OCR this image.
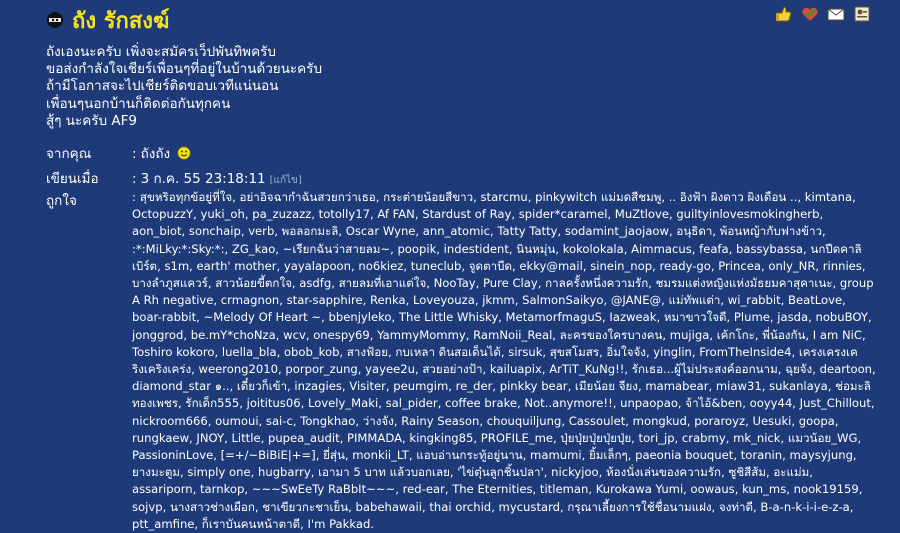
ถัง รักสงฆ์
ถังเองนะครับ เพิ่งจะสมัครเว็ปพันทิพครับ
ขอส่งกำลังใจเชียร์เพื่อนๆที่อยู่ในบ้านด้วยนะครับ
ถ้ามีโอกาสจะไปเชียร์ติดขอบเวทีแน่นอน
เพื่อนๆนอกบ้านก็ติดต่อกันทุกคน
สู้ๆ นะครับ AF9
จากคุณ	: ถังถัง
เขียนเมื่อ	: 3 ก.ค. 55 23:18:11 [แก้ไข]
ถูกใจ	: สุขหริอทุกข้อยู่ที่ใจ, อย่าอิจฉากำฉันสวยกว่าเธอ, กระต่ายน้อยสีขาว, starcmu, pinkywitch แม่มดสีชมพู, .. อิงฟ้า ผิงดาว ผิงเดือน .., kimtana, OctopuzzY, yuki_oh, pa_zuzazz, totolly17, Af FAN, Stardust of Ray, spider*caramel, MuZtlove, guiltyinlovesmokingherb, aon_biot, sonchaip, verb, พอลอกมะลิ, Oscar Wyne, ann_atomic, Tatty Tatty, sodamint_jaojaow, อนุธิดา, พ้อนหญ้ากับฟางข้าว, :*:MiLky:*:Sky:*:, ZG_kao, ~เรียกฉันว่าสายลม~, poopik, indestident, นินหมุ่น, kokolokala, Aimmacus, feafa, bassybassa, นกปีดคาลิเบิร์ต, s1m, earth' mother, yayalapoon, no6kiez, tuneclub, จูดตาบีด, ekky@mail, sinein_nop, ready-go, Princea, only_NR, rinnies, บางลำภูสแควร์, สาวน้อยขี้ตกใจ, asdfg, สายลมที่เอาแต่ใจ, NooTay, Pure Clay, กาลครั้งหนึ่งความรัก, ชมรมแต่งหญิงแห่งมัธยมคาสุคาเนะ, group A Rh negative, crmagnon, star-sapphire, Renka, Loveyouza, jkmm, SalmonSaikyo, @JANE@, แม่ทัพแต่า, wi_rabbit, BeatLove, boar-rabbit, ~Melody Of Heart ~, bbenjyleko, The Little Whisky, MetamorfmaguS, Iazweak, หมาขาวใจดี, Plume, jasda, nobuBOY, jonggrod, be.mY*choNza, wcv, onespy69, YammyMommy, RamNoii_Real, ละครของใครบางคน, mujiga, เค้กโกะ, พี่น้องกัน, I am NiC, Toshiro kokoro, luella_bla, obob_kob, สางฟ้อย, กบเหลา ดินสอเด็นได้, sirsuk, สุขสโมสร, อิ่มใจจัง, yinglin, FromTheInside4, เครงเครงเคริงเคริงเคร่ง, weerong2010, porpor_zung, yayee2u, สวยอย่างป้า, kailuapix, ArTiT_KuNg!!, รักเธอ...ผู้ไม่ประสงค์ออกนาม, ฉุยจัง, deartoon, diamond_star ๑.., เดี๋ยวก็เข้า, inzagies, Visiter, peumgim, re_der, pinkky bear, เมียน้อย จียง, mamabear, miaw31, sukanlaya, ช่อมะลิทองเพชร, รักเด็ก555, joititus06, Lovely_Maki, sal_pider, coffee brake, Not..anymore!!, unpaopao, จ้าไอ้&ben, ooyy44, Just_Chillout, nickroom666, oumoui, sai-c, Tongkhao, ว่างจัง, Rainy Season, chouquiljung, Cassoulet, mongkud, poraroyz, Uesuki, goopa, rungkaew, JNOY, Little, pupea_audit, PIMMADA, kingking85, PROFILE_me, ปุ่ยปุ่ยปุ่ยปุ่ยปุ่ย, tori_jp, crabmy, mk_nick, แมวน้อย_WG, PassioninLove, [=+/~BiBiE|+=], ยี่สุ่น, monkii_LT, แอบอ่านกระทู้อยู่นาน, mamumi, ยิ้มเล็กๆ, paeonia bouquet, toranin, maysyjung, ยางมะตูม, simply one, hugbarry, เอามา 5 บาท แล้วบอกเลย, 'ไข่ตุ๋นลูกชิ้นปลา', nickyjoo, ห้องนั่งเล่นของความรัก, ซูชิสีส้ม, อะแม่ม, assariporn, tarnkop, ~~~SwEeTy RaBbIt~~~, red-ear, The Eternities, titleman, Kurokawa Yumi, oowaus, kun_ms, nook19159, sojvp, นางสาวช่างเผือก, ชาเขียวกะชาเย็น, babehawaii, thai orchid, mycustard, กรุณาเลี้ยงการใช้ชื่อนามแฝง, จงท่าดี, B-a-n-k-i-i-e-z-a, ptt_amfine, ก็เราบันคนหน้าตาดี, I'm Pakkad.
